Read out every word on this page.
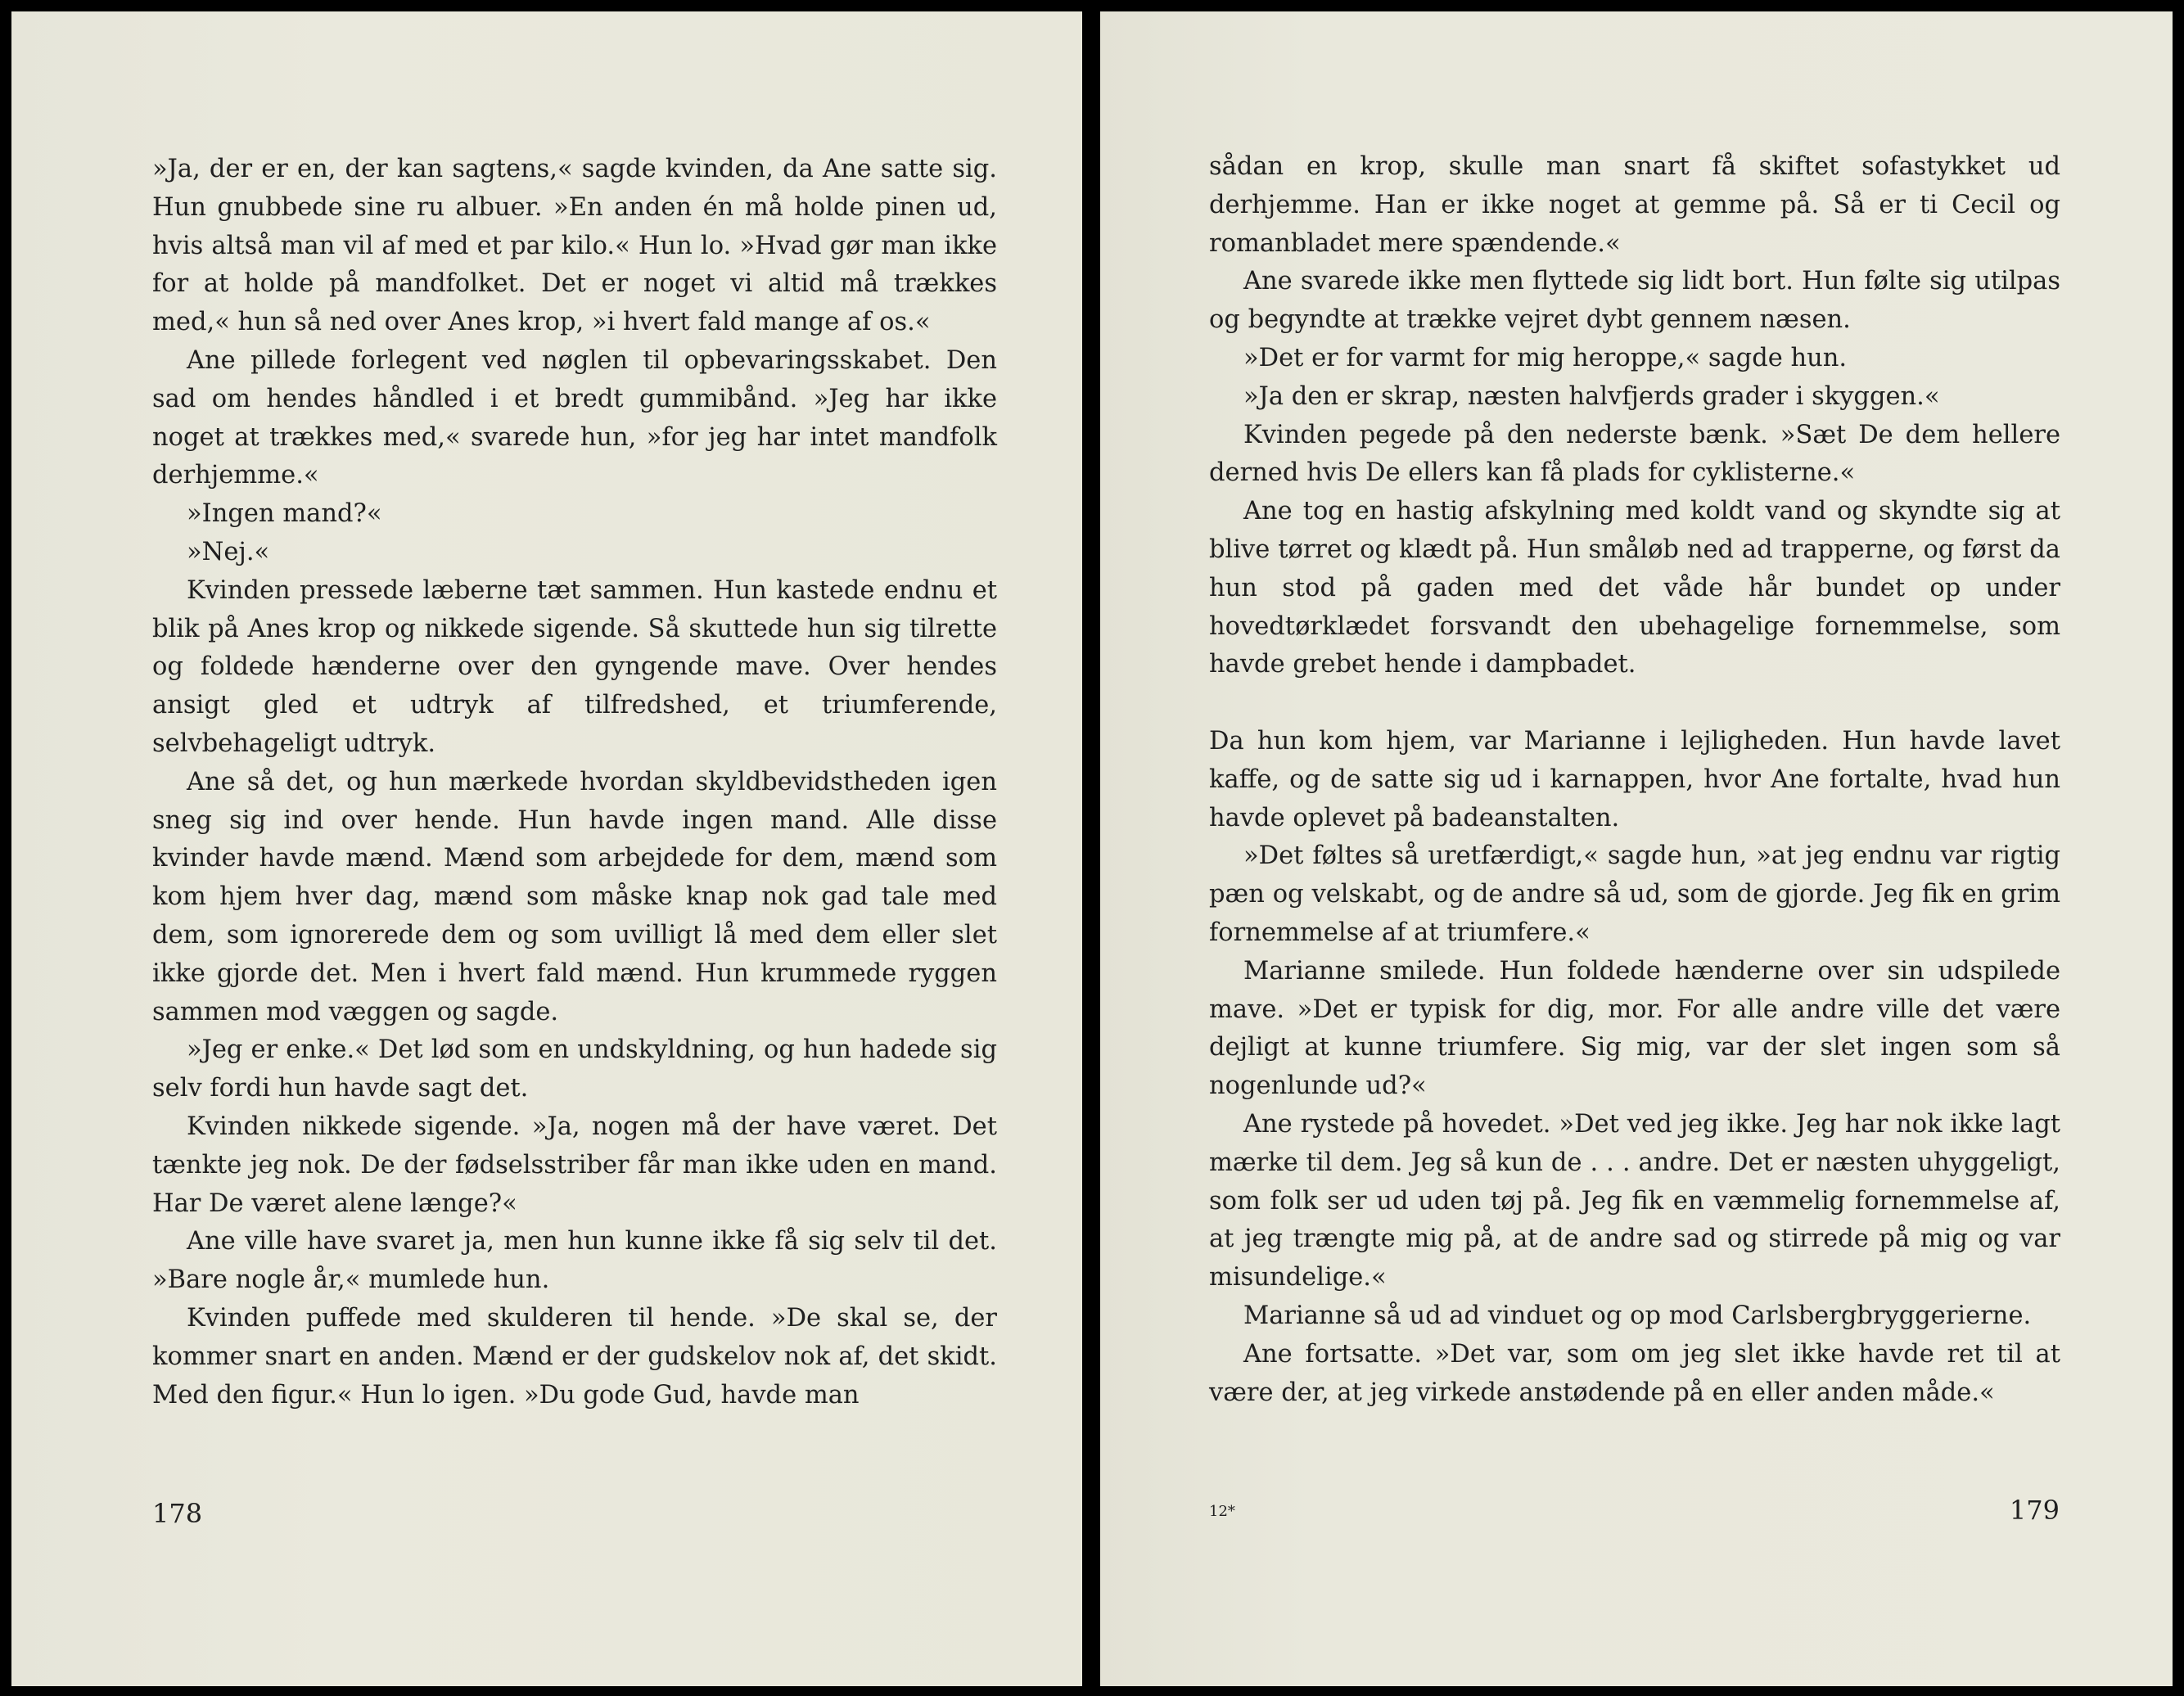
»Ja, der er en, der kan sagtens,« sagde kvinden, da Ane satte sig. Hun gnubbede sine ru albuer. »En anden én må holde pinen ud, hvis altså man vil af med et par kilo.« Hun lo. »Hvad gør man ikke for at holde på mandfolket. Det er noget vi altid må trækkes med,« hun så ned over Anes krop, »i hvert fald mange af os.«

Ane pillede forlegent ved nøglen til opbevaringsskabet. Den sad om hendes håndled i et bredt gummibånd. »Jeg har ikke noget at trækkes med,« svarede hun, »for jeg har intet mandfolk derhjemme.«

»Ingen mand?«

»Nej.«

Kvinden pressede læberne tæt sammen. Hun kastede endnu et blik på Anes krop og nikkede sigende. Så skuttede hun sig tilrette og foldede hænderne over den gyngende mave. Over hendes ansigt gled et udtryk af tilfredshed, et triumferende, selvbehageligt udtryk.

Ane så det, og hun mærkede hvordan skyldbevidstheden igen sneg sig ind over hende. Hun havde ingen mand. Alle disse kvinder havde mænd. Mænd som arbejdede for dem, mænd som kom hjem hver dag, mænd som måske knap nok gad tale med dem, som ignorerede dem og som uvilligt lå med dem eller slet ikke gjorde det. Men i hvert fald mænd. Hun krummede ryggen sammen mod væggen og sagde.

»Jeg er enke.« Det lød som en undskyldning, og hun hadede sig selv fordi hun havde sagt det.

Kvinden nikkede sigende. »Ja, nogen må der have været. Det tænkte jeg nok. De der fødselsstriber får man ikke uden en mand. Har De været alene længe?«

Ane ville have svaret ja, men hun kunne ikke få sig selv til det. »Bare nogle år,« mumlede hun.

Kvinden puffede med skulderen til hende. »De skal se, der kommer snart en anden. Mænd er der gudskelov nok af, det skidt. Med den figur.« Hun lo igen. »Du gode Gud, havde man

178

sådan en krop, skulle man snart få skiftet sofastykket ud derhjemme. Han er ikke noget at gemme på. Så er ti Cecil og romanbladet mere spændende.«

Ane svarede ikke men flyttede sig lidt bort. Hun følte sig utilpas og begyndte at trække vejret dybt gennem næsen.

»Det er for varmt for mig heroppe,« sagde hun.

»Ja den er skrap, næsten halvfjerds grader i skyggen.«

Kvinden pegede på den nederste bænk. »Sæt De dem hellere derned hvis De ellers kan få plads for cyklisterne.«

Ane tog en hastig afskylning med koldt vand og skyndte sig at blive tørret og klædt på. Hun småløb ned ad trapperne, og først da hun stod på gaden med det våde hår bundet op under hovedtørklædet forsvandt den ubehagelige fornemmelse, som havde grebet hende i dampbadet.

Da hun kom hjem, var Marianne i lejligheden. Hun havde lavet kaffe, og de satte sig ud i karnappen, hvor Ane fortalte, hvad hun havde oplevet på badeanstalten.

»Det føltes så uretfærdigt,« sagde hun, »at jeg endnu var rigtig pæn og velskabt, og de andre så ud, som de gjorde. Jeg fik en grim fornemmelse af at triumfere.«

Marianne smilede. Hun foldede hænderne over sin udspilede mave. »Det er typisk for dig, mor. For alle andre ville det være dejligt at kunne triumfere. Sig mig, var der slet ingen som så nogenlunde ud?«

Ane rystede på hovedet. »Det ved jeg ikke. Jeg har nok ikke lagt mærke til dem. Jeg så kun de . . . andre. Det er næsten uhyggeligt, som folk ser ud uden tøj på. Jeg fik en væmmelig fornemmelse af, at jeg trængte mig på, at de andre sad og stirrede på mig og var misundelige.«

Marianne så ud ad vinduet og op mod Carlsbergbryggerierne.

Ane fortsatte. »Det var, som om jeg slet ikke havde ret til at være der, at jeg virkede anstødende på en eller anden måde.«

12*	179
